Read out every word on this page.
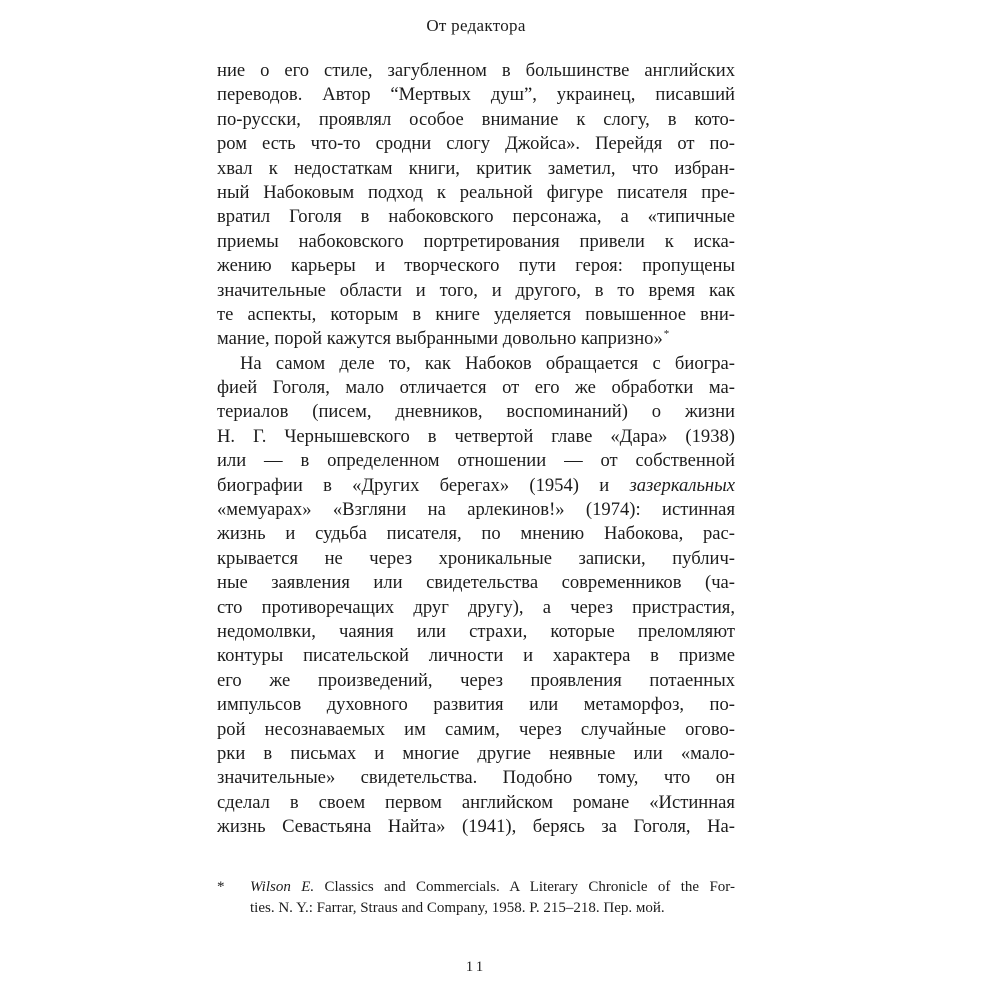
От редактора
ние о его стиле, загубленном в большинстве английских
переводов. Автор “Мертвых душ”, украинец, писавший
по-русски, проявлял особое внимание к слогу, в кото-
ром есть что-то сродни слогу Джойса». Перейдя от по-
хвал к недостаткам книги, критик заметил, что избран-
ный Набоковым подход к реальной фигуре писателя пре-
вратил Гоголя в набоковского персонажа, а «типичные
приемы набоковского портретирования привели к иска-
жению карьеры и творческого пути героя: пропущены
значительные области и того, и другого, в то время как
те аспекты, которым в книге уделяется повышенное вни-
мание, порой кажутся выбранными довольно капризно»*
На самом деле то, как Набоков обращается с биогра-
фией Гоголя, мало отличается от его же обработки ма-
териалов (писем, дневников, воспоминаний) о жизни
Н. Г. Чернышевского в четвертой главе «Дара» (1938)
или — в определенном отношении — от собственной
биографии в «Других берегах» (1954) и зазеркальных
«мемуарах» «Взгляни на арлекинов!» (1974): истинная
жизнь и судьба писателя, по мнению Набокова, рас-
крывается не через хроникальные записки, публич-
ные заявления или свидетельства современников (ча-
сто противоречащих друг другу), а через пристрастия,
недомолвки, чаяния или страхи, которые преломляют
контуры писательской личности и характера в призме
его же произведений, через проявления потаенных
импульсов духовного развития или метаморфоз, по-
рой несознаваемых им самим, через случайные огово-
рки в письмах и многие другие неявные или «мало-
значительные» свидетельства. Подобно тому, что он
сделал в своем первом английском романе «Истинная
жизнь Севастьяна Найта» (1941), берясь за Гоголя, На-
* Wilson E. Classics and Commercials. A Literary Chronicle of the For-
ties. N. Y.: Farrar, Straus and Company, 1958. P. 215–218. Пер. мой.
11
